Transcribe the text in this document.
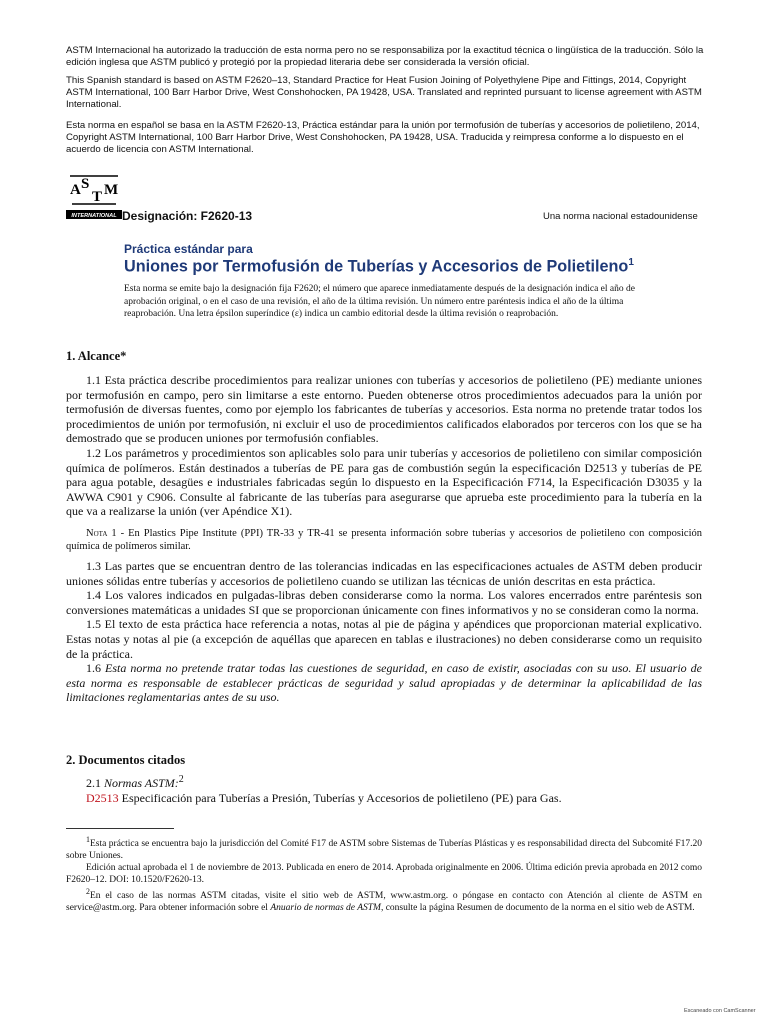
ASTM Internacional ha autorizado la traducción de esta norma pero no se responsabiliza por la exactitud técnica o lingüística de la traducción. Sólo la edición inglesa que ASTM publicó y protegió por la propiedad literaria debe ser considerada la versión oficial.
This Spanish standard is based on ASTM F2620–13, Standard Practice for Heat Fusion Joining of Polyethylene Pipe and Fittings, 2014, Copyright ASTM International, 100 Barr Harbor Drive, West Conshohocken, PA 19428, USA. Translated and reprinted pursuant to license agreement with ASTM International.
Esta norma en español se basa en la ASTM F2620-13, Práctica estándar para la unión por termofusión de tuberías y accesorios de polietileno, 2014, Copyright ASTM International, 100 Barr Harbor Drive, West Conshohocken, PA 19428, USA. Traducida y reimpresa conforme a lo dispuesto en el acuerdo de licencia con ASTM International.
A S
T M
INTERNATIONAL Designación: F2620-13	Una norma nacional estadounidense
Práctica estándar para
Uniones por Termofusión de Tuberías y Accesorios de Polietileno$^1$
Esta norma se emite bajo la designación fija F2620; el número que aparece inmediatamente después de la designación indica el año de aprobación original, o en el caso de una revisión, el año de la última revisión. Un número entre paréntesis indica el año de la última reaprobación. Una letra épsilon superíndice (ε) indica un cambio editorial desde la última revisión o reaprobación.
1. Alcance*

1.1 Esta práctica describe procedimientos para realizar uniones con tuberías y accesorios de polietileno (PE) mediante uniones por termofusión en campo, pero sin limitarse a este entorno. Pueden obtenerse otros procedimientos adecuados para la unión por termofusión de diversas fuentes, como por ejemplo los fabricantes de tuberías y accesorios. Esta norma no pretende tratar todos los procedimientos de unión por termofusión, ni excluir el uso de procedimientos calificados elaborados por terceros con los que se ha demostrado que se producen uniones por termofusión confiables.

1.2 Los parámetros y procedimientos son aplicables solo para unir tuberías y accesorios de polietileno con similar composición química de polímeros. Están destinados a tuberías de PE para gas de combustión según la especificación D2513 y tuberías de PE para agua potable, desagües e industriales fabricadas según lo dispuesto en la Especificación F714, la Especificación D3035 y la AWWA C901 y C906. Consulte al fabricante de las tuberías para asegurarse que aprueba este procedimiento para la tubería en la que va a realizarse la unión (ver Apéndice X1).

Nota 1 - En Plastics Pipe Institute (PPI) TR-33 y TR-41 se presenta información sobre tuberías y accesorios de polietileno con composición química de polímeros similar.

1.3 Las partes que se encuentran dentro de las tolerancias indicadas en las especificaciones actuales de ASTM deben producir uniones sólidas entre tuberías y accesorios de polietileno cuando se utilizan las técnicas de unión descritas en esta práctica.

1.4 Los valores indicados en pulgadas-libras deben considerarse como la norma. Los valores encerrados entre paréntesis son conversiones matemáticas a unidades SI que se proporcionan únicamente con fines informativos y no se consideran como la norma.

1.5 El texto de esta práctica hace referencia a notas, notas al pie de página y apéndices que proporcionan material explicativo. Estas notas y notas al pie (a excepción de aquéllas que aparecen en tablas e ilustraciones) no deben considerarse como un requisito de la práctica.

1.6 Esta norma no pretende tratar todas las cuestiones de seguridad, en caso de existir, asociadas con su uso. El usuario de esta norma es responsable de establecer prácticas de seguridad y salud apropiadas y de determinar la aplicabilidad de las limitaciones reglamentarias antes de su uso.

2. Documentos citados

2.1 Normas ASTM:$^2$

D2513 Especificación para Tuberías a Presión, Tuberías y Accesorios de polietileno (PE) para Gas.

$^1$Esta práctica se encuentra bajo la jurisdicción del Comité F17 de ASTM sobre Sistemas de Tuberías Plásticas y es responsabilidad directa del Subcomité F17.20 sobre Uniones.

Edición actual aprobada el 1 de noviembre de 2013. Publicada en enero de 2014. Aprobada originalmente en 2006. Última edición previa aprobada en 2012 como F2620–12. DOI: 10.1520/F2620-13.

$^2$En el caso de las normas ASTM citadas, visite el sitio web de ASTM, www.astm.org. o póngase en contacto con Atención al cliente de ASTM en service@astm.org. Para obtener información sobre el Anuario de normas de ASTM, consulte la página Resumen de documento de la norma en el sitio web de ASTM.

Escaneado con CamScanner
